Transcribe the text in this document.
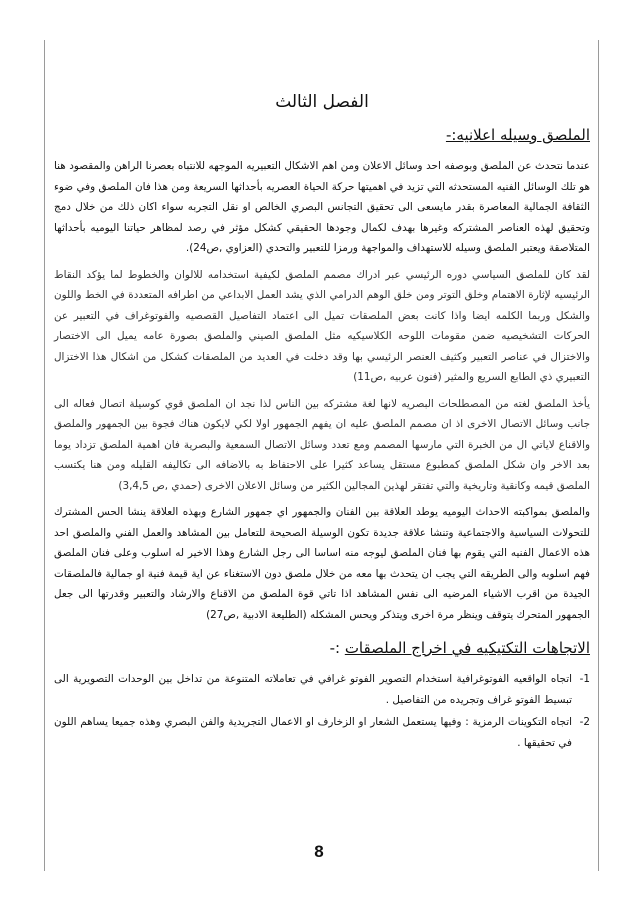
الفصل الثالث
الملصق وسيله اعلانيه:-

عندما نتحدث عن الملصق وبوصفه احد وسائل الاعلان ومن اهم الاشكال التعبيريه الموجهه للانتباه بعصرنا الراهن والمقصود هنا هو تلك الوسائل الفنيه المستحدثه التي تزيد في اهميتها حركة الحياة العصريه بأحداثها السريعة ومن هذا فان الملصق وفي ضوء الثقافة الجمالية المعاصرة بقدر مايسعى الى تحقيق التجانس البصري الخالص او نقل التجربه سواء اكان ذلك من خلال دمج وتحقيق لهذه العناصر المشتركه وغيرها بهدف لكمال وجودها الحقيقي كشكل مؤثر في رصد لمظاهر حياتنا اليوميه بأحداثها المتلاصقة ويعتبر الملصق وسيله للاستهداف والمواجهة ورمزا للتعبير والتحدي (العزاوي ,ص24).

لقد كان للملصق السياسي دوره الرئيسي عبر ادراك مصمم الملصق لكيفية استخدامه للالوان والخطوط لما يؤكد النقاط الرئيسيه لإثارة الاهتمام وخلق التوتر ومن خلق الوهم الدرامي الذي يشد العمل الابداعي من اطرافه المتعددة في الخط واللون والشكل وربما الكلمه ايضا واذا كانت بعض الملصقات تميل الى اعتماد التفاصيل القصصيه والفوتوغراف في التعبير عن الحركات التشخيصيه ضمن مقومات اللوحه الكلاسيكيه مثل الملصق الصيني والملصق بصورة عامه يميل الى الاختصار والاختزال في عناصر التعبير وكثيف العنصر الرئيسي بها وقد دخلت في العديد من الملصقات كشكل من اشكال هذا الاختزال التعبيري ذي الطابع السريع والمثير (فنون عربيه ,ص11)

يأخذ الملصق لغته من المصطلحات البصريه لانها لغة مشتركه بين الناس لذا نجد ان الملصق قوي كوسيلة اتصال فعاله الى جانب وسائل الاتصال الاخرى اذ ان مصمم الملصق عليه ان يفهم الجمهور اولا لكي لايكون هناك فجوة بين الجمهور والملصق والاقناع لاياتي ال من الخبرة التي مارسها المصمم ومع تعدد وسائل الاتصال السمعية والبصرية فان اهمية الملصق تزداد يوما بعد الاخر وان شكل الملصق كمطبوع مستقل يساعد كثيرا على الاحتفاظ به بالاضافه الى تكاليفه القليله ومن هنا يكتسب الملصق قيمه وكانقية وتاريخية والتي تفتقر لهذين المجالين الكثير من وسائل الاعلان الاخرى (حمدي ,ص 3,4,5)

والملصق بمواكبته الاحداث اليوميه يوطد العلاقة بين الفنان والجمهور اي جمهور الشارع وبهذه العلاقة ينشا الحس المشترك للتحولات السياسية والاجتماعية وتنشا علاقة جديدة تكون الوسيلة الصحيحة للتعامل بين المشاهد والعمل الفني والملصق احد هذه الاعمال الفنيه التي يقوم بها فنان الملصق ليوجه منه اساسا الى رجل الشارع وهذا الاخير له اسلوب وعلى فنان الملصق فهم اسلوبه والى الطريقه التي يجب ان يتحدث بها معه من خلال ملصق دون الاستغناء عن اية قيمة فنية او جمالية فالملصقات الجيدة من اقرب الاشياء المرضيه الى نفس المشاهد اذا تاتي قوة الملصق من الاقناع والارشاد والتعبير وقدرتها الى جعل الجمهور المتحرك يتوقف وينظر مرة اخرى ويتذكر ويحس المشكله (الطليعة الادبية ,ص27)

الاتجاهات التكتيكيه في اخراج الملصقات :-
1-
اتجاه الواقعيه الفوتوغرافية استخدام التصوير الفوتو غرافي في تعاملاته المتنوعة من تداخل بين الوحدات التصويرية الى تبسيط الفوتو غراف وتجريده من التفاصيل .
2-
اتجاه التكوينات الرمزية : وفيها يستعمل الشعار او الزخارف او الاعمال التجريدية والفن البصري وهذه جميعا يساهم اللون في تحقيقها .
8
